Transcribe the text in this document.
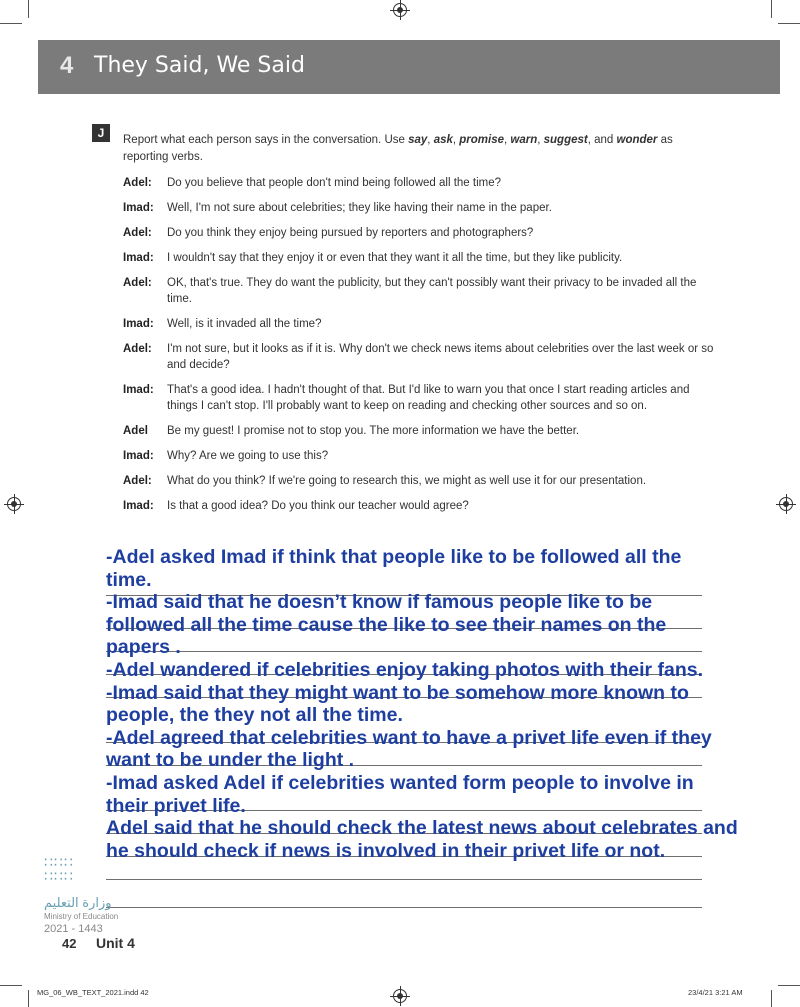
4 They Said, We Said
J	Report what each person says in the conversation. Use say, ask, promise, warn, suggest, and wonder as reporting verbs.
Adel:	Do you believe that people don't mind being followed all the time?
Imad:	Well, I'm not sure about celebrities; they like having their name in the paper.
Adel:	Do you think they enjoy being pursued by reporters and photographers?
Imad:	I wouldn't say that they enjoy it or even that they want it all the time, but they like publicity.
Adel:	OK, that's true. They do want the publicity, but they can't possibly want their privacy to be invaded all the time.
Imad:	Well, is it invaded all the time?
Adel:	I'm not sure, but it looks as if it is. Why don't we check news items about celebrities over the last week or so and decide?
Imad:	That's a good idea. I hadn't thought of that. But I'd like to warn you that once I start reading articles and things I can't stop. I'll probably want to keep on reading and checking other sources and so on.
Adel	Be my guest! I promise not to stop you. The more information we have the better.
Imad:	Why? Are we going to use this?
Adel:	What do you think? If we're going to research this, we might as well use it for our presentation.
Imad:	Is that a good idea? Do you think our teacher would agree?
-Adel asked Imad if think that people like to be followed all the
time.
-Imad said that he doesn’t know if famous people like to be
followed all the time cause the like to see their names on the
papers .
-Adel wandered if celebrities enjoy taking photos with their fans.
-Imad said that they might want to be somehow more known to
people, the they not all the time.
-Adel agreed that celebrities want to have a privet life even if they
want to be under the light .
-Imad asked Adel if celebrities wanted form people to involve in
their privet life.
Adel said that he should check the latest news about celebrates and
he should check if news is involved in their privet life or not.
∷∷∷
∷∷∷
وزارة التعليم
Ministry of Education
2021 - 1443
42 Unit 4
MG_06_WB_TEXT_2021.indd 42	23/4/21 3:21 AM
